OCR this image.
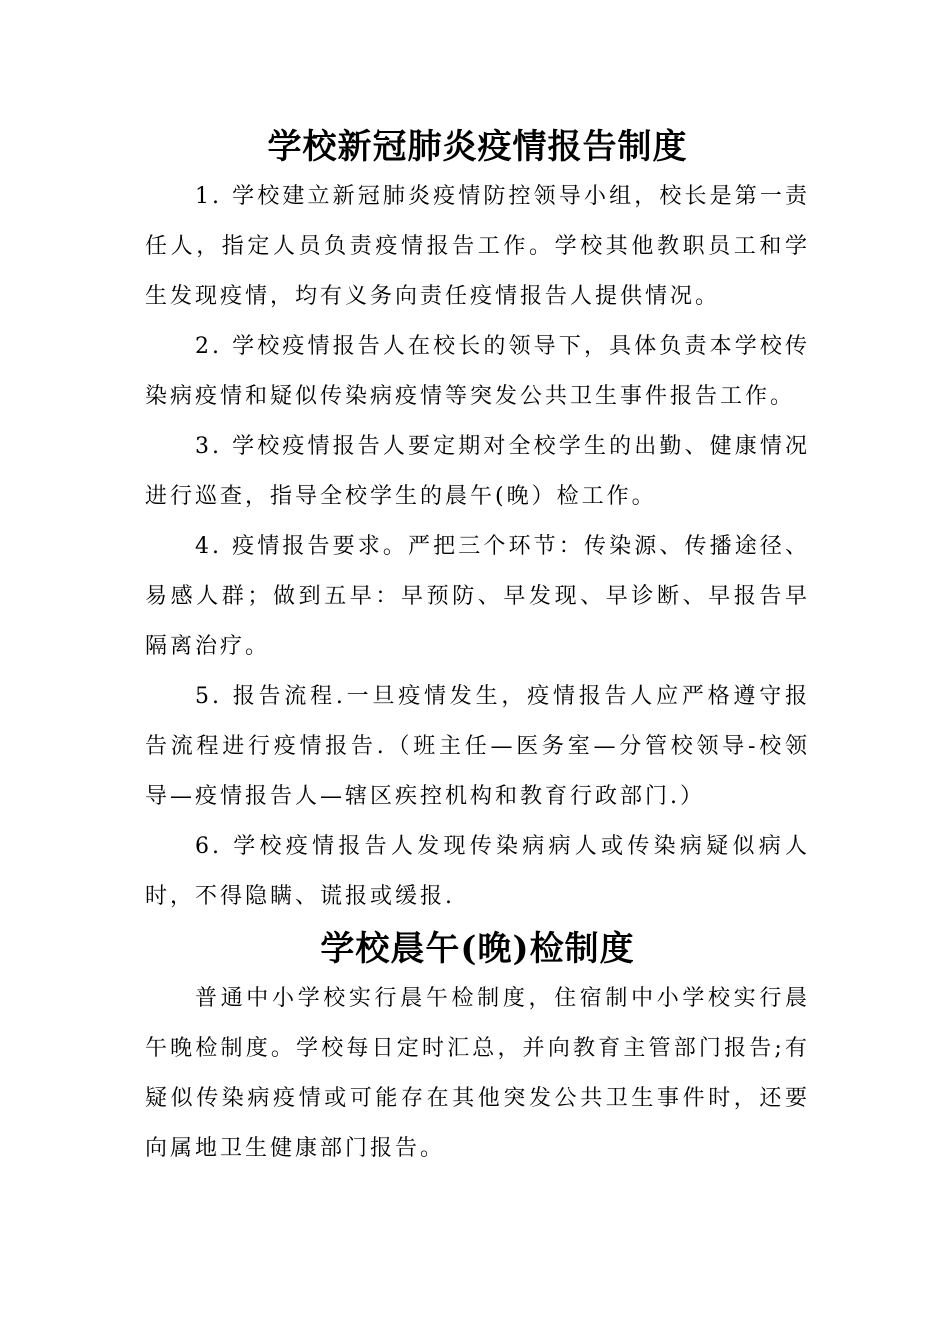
学校新冠肺炎疫情报告制度

1. 学校建立新冠肺炎疫情防控领导小组，校长是第一责任人，指定人员负责疫情报告工作。学校其他教职员工和学生发现疫情，均有义务向责任疫情报告人提供情况。

2. 学校疫情报告人在校长的领导下，具体负责本学校传染病疫情和疑似传染病疫情等突发公共卫生事件报告工作。

3. 学校疫情报告人要定期对全校学生的出勤、健康情况进行巡查，指导全校学生的晨午(晚）检工作。

4. 疫情报告要求。严把三个环节：传染源、传播途径、易感人群；做到五早：早预防、早发现、早诊断、早报告早隔离治疗。

5. 报告流程.一旦疫情发生，疫情报告人应严格遵守报告流程进行疫情报告.（班主任—医务室—分管校领导-校领导—疫情报告人—辖区疾控机构和教育行政部门.）

6. 学校疫情报告人发现传染病病人或传染病疑似病人时，不得隐瞒、谎报或缓报.

学校晨午(晚)检制度

普通中小学校实行晨午检制度，住宿制中小学校实行晨午晚检制度。学校每日定时汇总，并向教育主管部门报告;有疑似传染病疫情或可能存在其他突发公共卫生事件时，还要向属地卫生健康部门报告。
